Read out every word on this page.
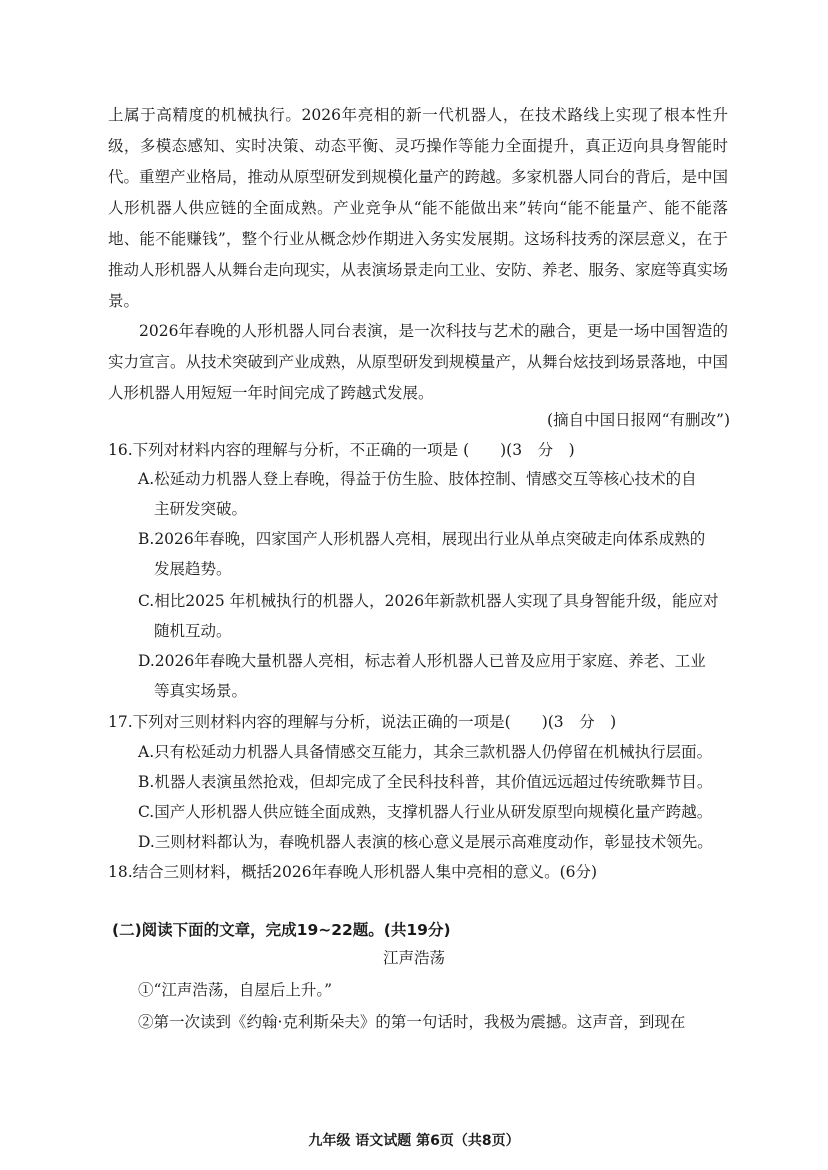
上属于高精度的机械执行。2026年亮相的新一代机器人，在技术路线上实现了根本性升级，多模态感知、实时决策、动态平衡、灵巧操作等能力全面提升，真正迈向具身智能时代。重塑产业格局，推动从原型研发到规模化量产的跨越。多家机器人同台的背后，是中国人形机器人供应链的全面成熟。产业竞争从“能不能做出来”转向“能不能量产、能不能落地、能不能赚钱”，整个行业从概念炒作期进入务实发展期。这场科技秀的深层意义，在于推动人形机器人从舞台走向现实，从表演场景走向工业、安防、养老、服务、家庭等真实场景。

2026年春晚的人形机器人同台表演，是一次科技与艺术的融合，更是一场中国智造的实力宣言。从技术突破到产业成熟，从原型研发到规模量产，从舞台炫技到场景落地，中国人形机器人用短短一年时间完成了跨越式发展。

(摘自中国日报网“有删改”)
16.下列对材料内容的理解与分析，不正确的一项是 (　　)(3　分　)
A.松延动力机器人登上春晚，得益于仿生脸、肢体控制、情感交互等核心技术的自
主研发突破。
B.2026年春晚，四家国产人形机器人亮相，展现出行业从单点突破走向体系成熟的
发展趋势。
C.相比2025 年机械执行的机器人，2026年新款机器人实现了具身智能升级，能应对
随机互动。
D.2026年春晚大量机器人亮相，标志着人形机器人已普及应用于家庭、养老、工业
等真实场景。
17.下列对三则材料内容的理解与分析，说法正确的一项是(　　)(3　分　)
A.只有松延动力机器人具备情感交互能力，其余三款机器人仍停留在机械执行层面。
B.机器人表演虽然抢戏，但却完成了全民科技科普，其价值远远超过传统歌舞节目。
C.国产人形机器人供应链全面成熟，支撑机器人行业从研发原型向规模化量产跨越。
D.三则材料都认为，春晚机器人表演的核心意义是展示高难度动作，彰显技术领先。
18.结合三则材料，概括2026年春晚人形机器人集中亮相的意义。(6分)
(二)阅读下面的文章，完成19~22题。(共19分)
江声浩荡
①“江声浩荡，自屋后上升。”
②第一次读到《约翰·克利斯朵夫》的第一句话时，我极为震撼。这声音，到现在
九年级 语文试题 第6页（共8页）
